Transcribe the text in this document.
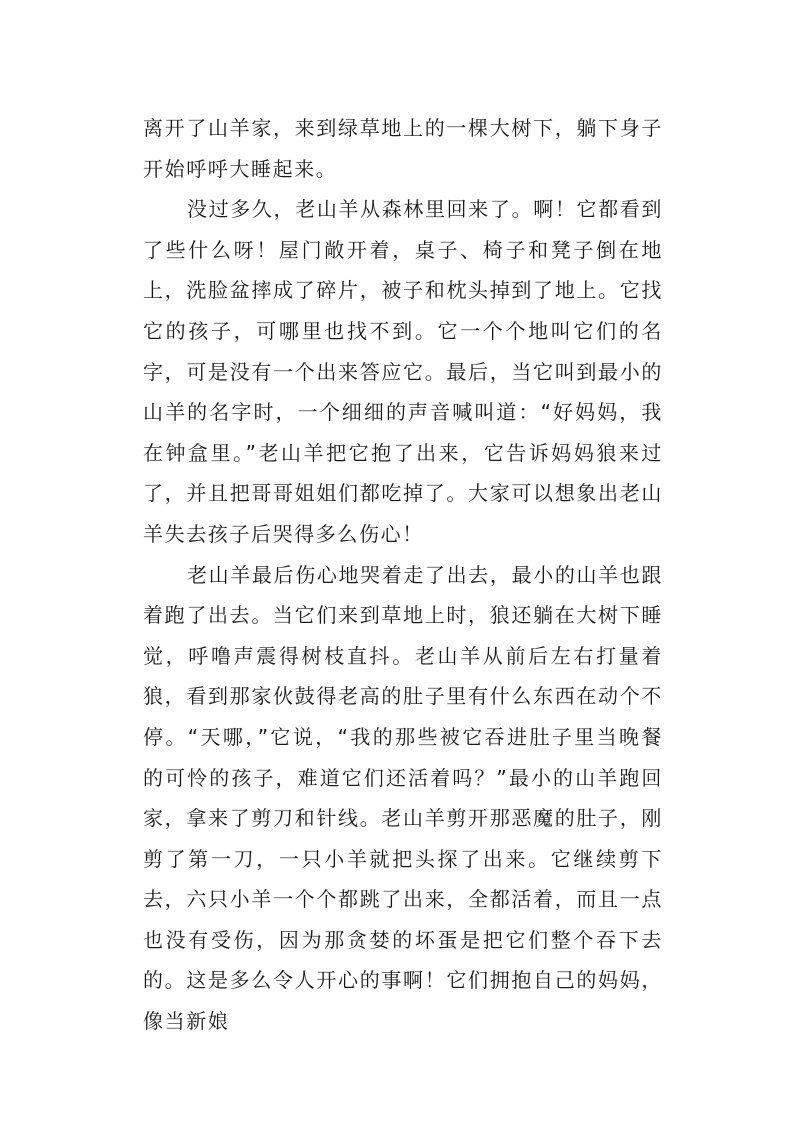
离开了山羊家，来到绿草地上的一棵大树下，躺下身子开始呼呼大睡起来。

没过多久，老山羊从森林里回来了。啊！它都看到了些什么呀！屋门敞开着，桌子、椅子和凳子倒在地上，洗脸盆摔成了碎片，被子和枕头掉到了地上。它找它的孩子，可哪里也找不到。它一个个地叫它们的名字，可是没有一个出来答应它。最后，当它叫到最小的山羊的名字时，一个细细的声音喊叫道：“好妈妈，我在钟盒里。”老山羊把它抱了出来，它告诉妈妈狼来过了，并且把哥哥姐姐们都吃掉了。大家可以想象出老山羊失去孩子后哭得多么伤心！

老山羊最后伤心地哭着走了出去，最小的山羊也跟着跑了出去。当它们来到草地上时，狼还躺在大树下睡觉，呼噜声震得树枝直抖。老山羊从前后左右打量着狼，看到那家伙鼓得老高的肚子里有什么东西在动个不停。“天哪，”它说，“我的那些被它吞进肚子里当晚餐的可怜的孩子，难道它们还活着吗？”最小的山羊跑回家，拿来了剪刀和针线。老山羊剪开那恶魔的肚子，刚剪了第一刀，一只小羊就把头探了出来。它继续剪下去，六只小羊一个个都跳了出来，全都活着，而且一点也没有受伤，因为那贪婪的坏蛋是把它们整个吞下去的。这是多么令人开心的事啊！它们拥抱自己的妈妈，像当新娘
